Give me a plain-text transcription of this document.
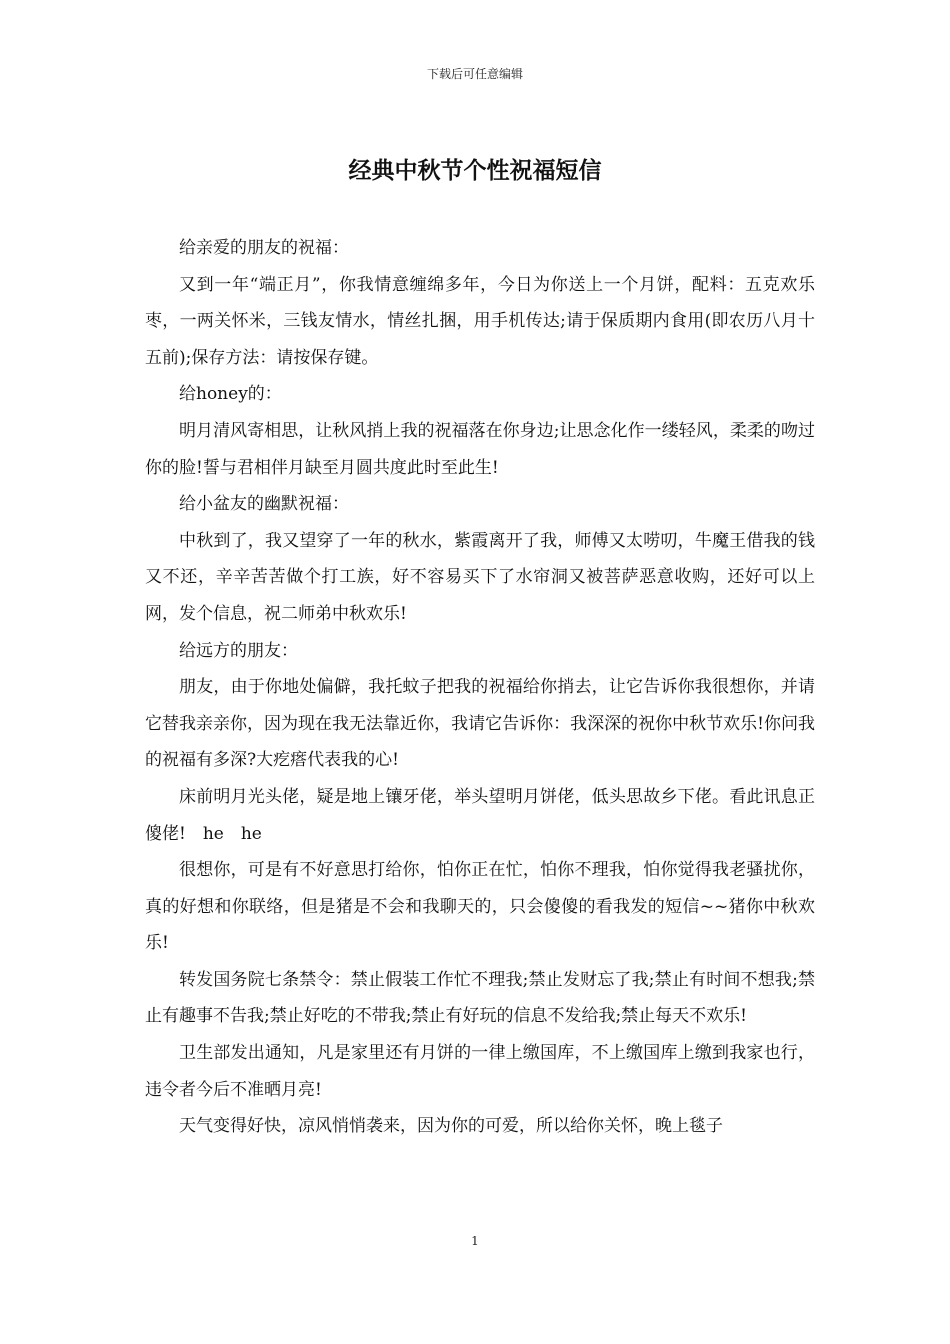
下载后可任意编辑
经典中秋节个性祝福短信

给亲爱的朋友的祝福：

又到一年“端正月”，你我情意缠绵多年，今日为你送上一个月饼，配料：五克欢乐枣，一两关怀米，三钱友情水，情丝扎捆，用手机传达;请于保质期内食用(即农历八月十五前);保存方法：请按保存键。

给honey的：

明月清风寄相思，让秋风捎上我的祝福落在你身边;让思念化作一缕轻风，柔柔的吻过你的脸!誓与君相伴月缺至月圆共度此时至此生!

给小盆友的幽默祝福：

中秋到了，我又望穿了一年的秋水，紫霞离开了我，师傅又太唠叨，牛魔王借我的钱又不还，辛辛苦苦做个打工族，好不容易买下了水帘洞又被菩萨恶意收购，还好可以上网，发个信息，祝二师弟中秋欢乐!

给远方的朋友：

朋友，由于你地处偏僻，我托蚊子把我的祝福给你捎去，让它告诉你我很想你，并请它替我亲亲你，因为现在我无法靠近你，我请它告诉你：我深深的祝你中秋节欢乐!你问我的祝福有多深?大疙瘩代表我的心!

床前明月光头佬，疑是地上镶牙佬，举头望明月饼佬，低头思故乡下佬。看此讯息正傻佬!　he　he

很想你，可是有不好意思打给你，怕你正在忙，怕你不理我，怕你觉得我老骚扰你，真的好想和你联络，但是猪是不会和我聊天的，只会傻傻的看我发的短信~~猪你中秋欢乐!

转发国务院七条禁令：禁止假装工作忙不理我;禁止发财忘了我;禁止有时间不想我;禁止有趣事不告我;禁止好吃的不带我;禁止有好玩的信息不发给我;禁止每天不欢乐!

卫生部发出通知，凡是家里还有月饼的一律上缴国库，不上缴国库上缴到我家也行，违令者今后不准晒月亮!

天气变得好快，凉风悄悄袭来，因为你的可爱，所以给你关怀，晚上毯子

1
